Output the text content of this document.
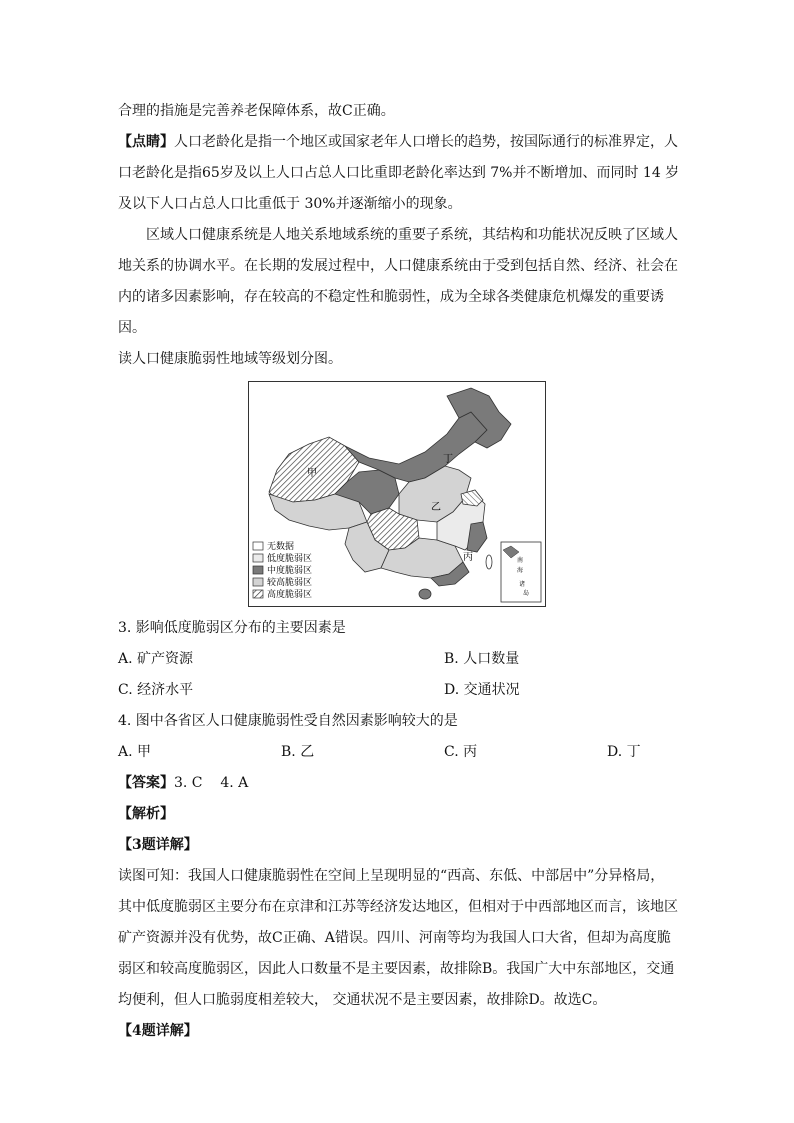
合理的指施是完善养老保障体系，故C正确。

【点睛】人口老龄化是指一个地区或国家老年人口增长的趋势，按国际通行的标准界定，人

口老龄化是指65岁及以上人口占总人口比重即老龄化率达到 7%并不断增加、而同时 14 岁

及以下人口占总人口比重低于 30%并逐渐缩小的现象。

区域人口健康系统是人地关系地域系统的重要子系统，其结构和功能状况反映了区域人

地关系的协调水平。在长期的发展过程中，人口健康系统由于受到包括自然、经济、社会在

内的诸多因素影响，存在较高的不稳定性和脆弱性，成为全球各类健康危机爆发的重要诱因。

读人口健康脆弱性地域等级划分图。

甲
乙
丙
丁
南
海
诸
岛
无数据
低度脆弱区
中度脆弱区
较高脆弱区
高度脆弱区

3. 影响低度脆弱区分布的主要因素是

A. 矿产资源	B. 人口数量
C. 经济水平	D. 交通状况

4. 图中各省区人口健康脆弱性受自然因素影响较大的是

A. 甲	B. 乙	C. 丙	D. 丁

【答案】3. C    4. A

【解析】

【3题详解】

读图可知：我国人口健康脆弱性在空间上呈现明显的“西高、东低、中部居中”分异格局，

其中低度脆弱区主要分布在京津和江苏等经济发达地区，但相对于中西部地区而言，该地区

矿产资源并没有优势，故C正确、A错误。四川、河南等均为我国人口大省，但却为高度脆

弱区和较高度脆弱区，因此人口数量不是主要因素，故排除B。我国广大中东部地区，交通

均便利，但人口脆弱度相差较大， 交通状况不是主要因素，故排除D。故选C。

【4题详解】
